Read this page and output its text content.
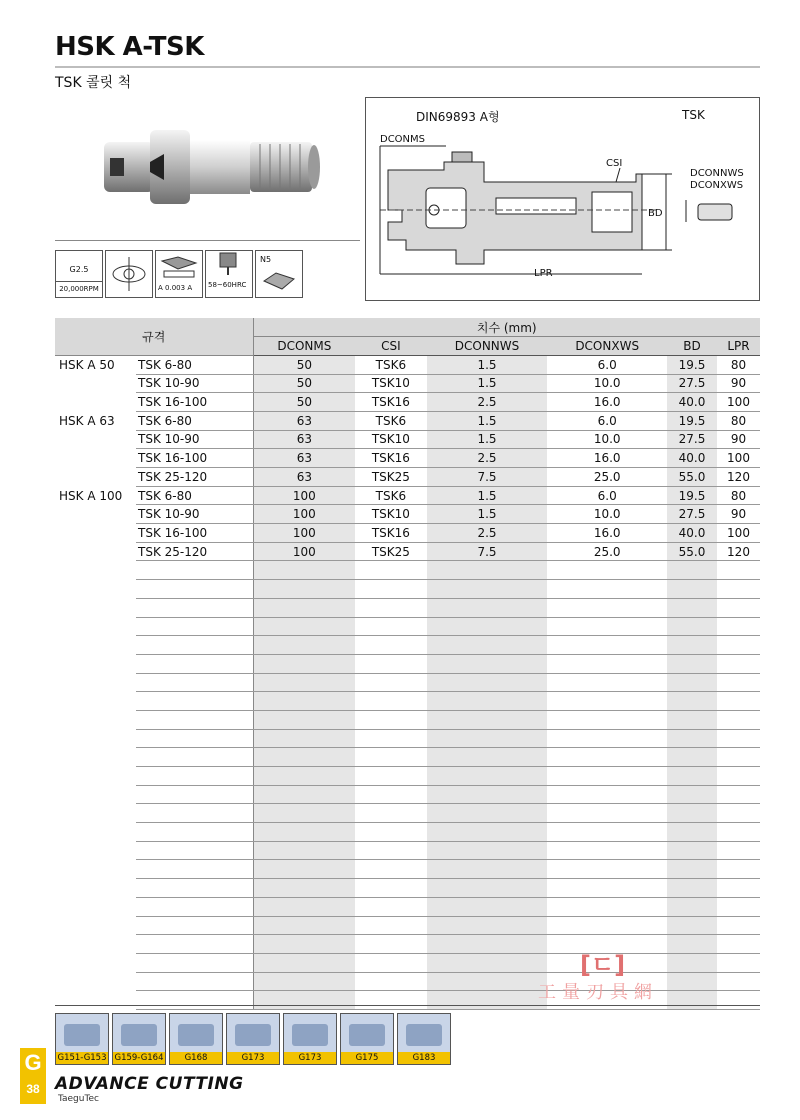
HSK A-TSK
TSK 콜릿 척
G2.5
20,000RPM	A 0.003 A 58~60HRC
N5
DIN69893 A형	TSK
DCONMS
CSI
DCONNWS
DCONXWS
BD
LPR
규격		치수 (mm)					
		DCONMS	CSI	DCONNWS	DCONXWS	BD	LPR
HSK A 50	TSK 6-80	50	TSK6	1.5	6.0	19.5	80
	TSK 10-90	50	TSK10	1.5	10.0	27.5	90
	TSK 16-100	50	TSK16	2.5	16.0	40.0	100
HSK A 63	TSK 6-80	63	TSK6	1.5	6.0	19.5	80
	TSK 10-90	63	TSK10	1.5	10.0	27.5	90
	TSK 16-100	63	TSK16	2.5	16.0	40.0	100
	TSK 25-120	63	TSK25	7.5	25.0	55.0	120
HSK A 100	TSK 6-80	100	TSK6	1.5	6.0	19.5	80
	TSK 10-90	100	TSK10	1.5	10.0	27.5	90
	TSK 16-100	100	TSK16	2.5	16.0	40.0	100
	TSK 25-120	100	TSK25	7.5	25.0	55.0	120

G151-G153 G159-G164	G168	G173	G173	G175	G183
G
38 ADVANCE CUTTING
TaeguTec
[ㄷ]
工量刃具網
